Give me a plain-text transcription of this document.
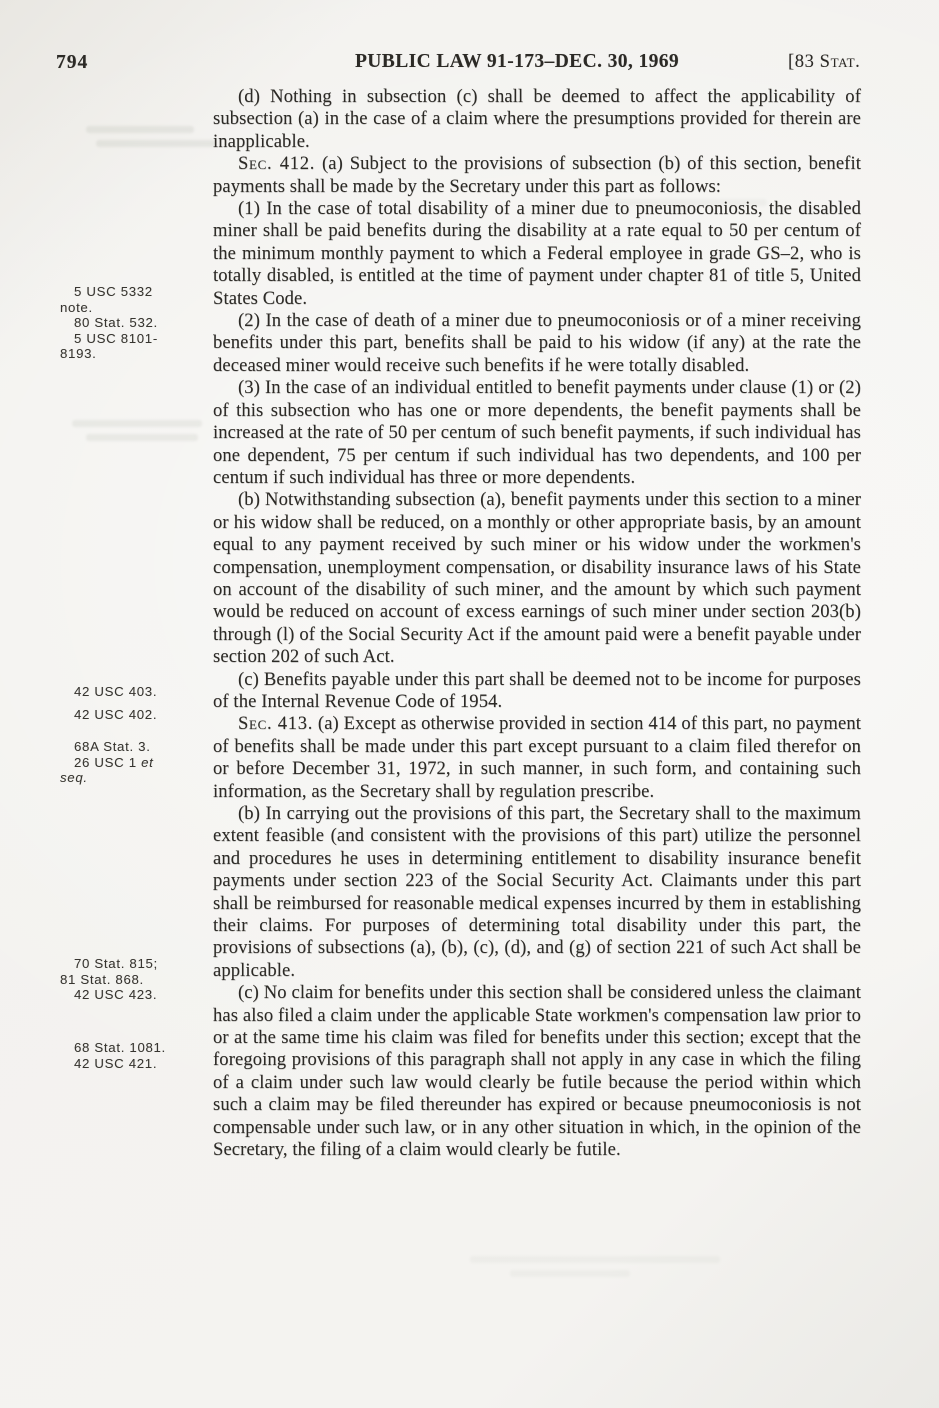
794	PUBLIC LAW 91-173–DEC. 30, 1969	[83 Stat.
5 USC 5332
note.
80 Stat. 532.
5 USC 8101-
8193.
42 USC 403.
42 USC 402.
68A Stat. 3.
26 USC 1 et
seq.
70 Stat. 815;
81 Stat. 868.
42 USC 423.
68 Stat. 1081.
42 USC 421.

(d) Nothing in subsection (c) shall be deemed to affect the applicability of subsection (a) in the case of a claim where the presumptions provided for therein are inapplicable.

Sec. 412. (a) Subject to the provisions of subsection (b) of this section, benefit payments shall be made by the Secretary under this part as follows:

(1) In the case of total disability of a miner due to pneumoconiosis, the disabled miner shall be paid benefits during the disability at a rate equal to 50 per centum of the minimum monthly payment to which a Federal employee in grade GS–2, who is totally disabled, is entitled at the time of payment under chapter 81 of title 5, United States Code.

(2) In the case of death of a miner due to pneumoconiosis or of a miner receiving benefits under this part, benefits shall be paid to his widow (if any) at the rate the deceased miner would receive such benefits if he were totally disabled.

(3) In the case of an individual entitled to benefit payments under clause (1) or (2) of this subsection who has one or more dependents, the benefit payments shall be increased at the rate of 50 per centum of such benefit payments, if such individual has one dependent, 75 per centum if such individual has two dependents, and 100 per centum if such individual has three or more dependents.

(b) Notwithstanding subsection (a), benefit payments under this section to a miner or his widow shall be reduced, on a monthly or other appropriate basis, by an amount equal to any payment received by such miner or his widow under the workmen's compensation, unemployment compensation, or disability insurance laws of his State on account of the disability of such miner, and the amount by which such payment would be reduced on account of excess earnings of such miner under section 203(b) through (l) of the Social Security Act if the amount paid were a benefit payable under section 202 of such Act.

(c) Benefits payable under this part shall be deemed not to be income for purposes of the Internal Revenue Code of 1954.

Sec. 413. (a) Except as otherwise provided in section 414 of this part, no payment of benefits shall be made under this part except pursuant to a claim filed therefor on or before December 31, 1972, in such manner, in such form, and containing such information, as the Secretary shall by regulation prescribe.

(b) In carrying out the provisions of this part, the Secretary shall to the maximum extent feasible (and consistent with the provisions of this part) utilize the personnel and procedures he uses in determining entitlement to disability insurance benefit payments under section 223 of the Social Security Act. Claimants under this part shall be reimbursed for reasonable medical expenses incurred by them in establishing their claims. For purposes of determining total disability under this part, the provisions of subsections (a), (b), (c), (d), and (g) of section 221 of such Act shall be applicable.

(c) No claim for benefits under this section shall be considered unless the claimant has also filed a claim under the applicable State workmen's compensation law prior to or at the same time his claim was filed for benefits under this section; except that the foregoing provisions of this paragraph shall not apply in any case in which the filing of a claim under such law would clearly be futile because the period within which such a claim may be filed thereunder has expired or because pneumoconiosis is not compensable under such law, or in any other situation in which, in the opinion of the Secretary, the filing of a claim would clearly be futile.
